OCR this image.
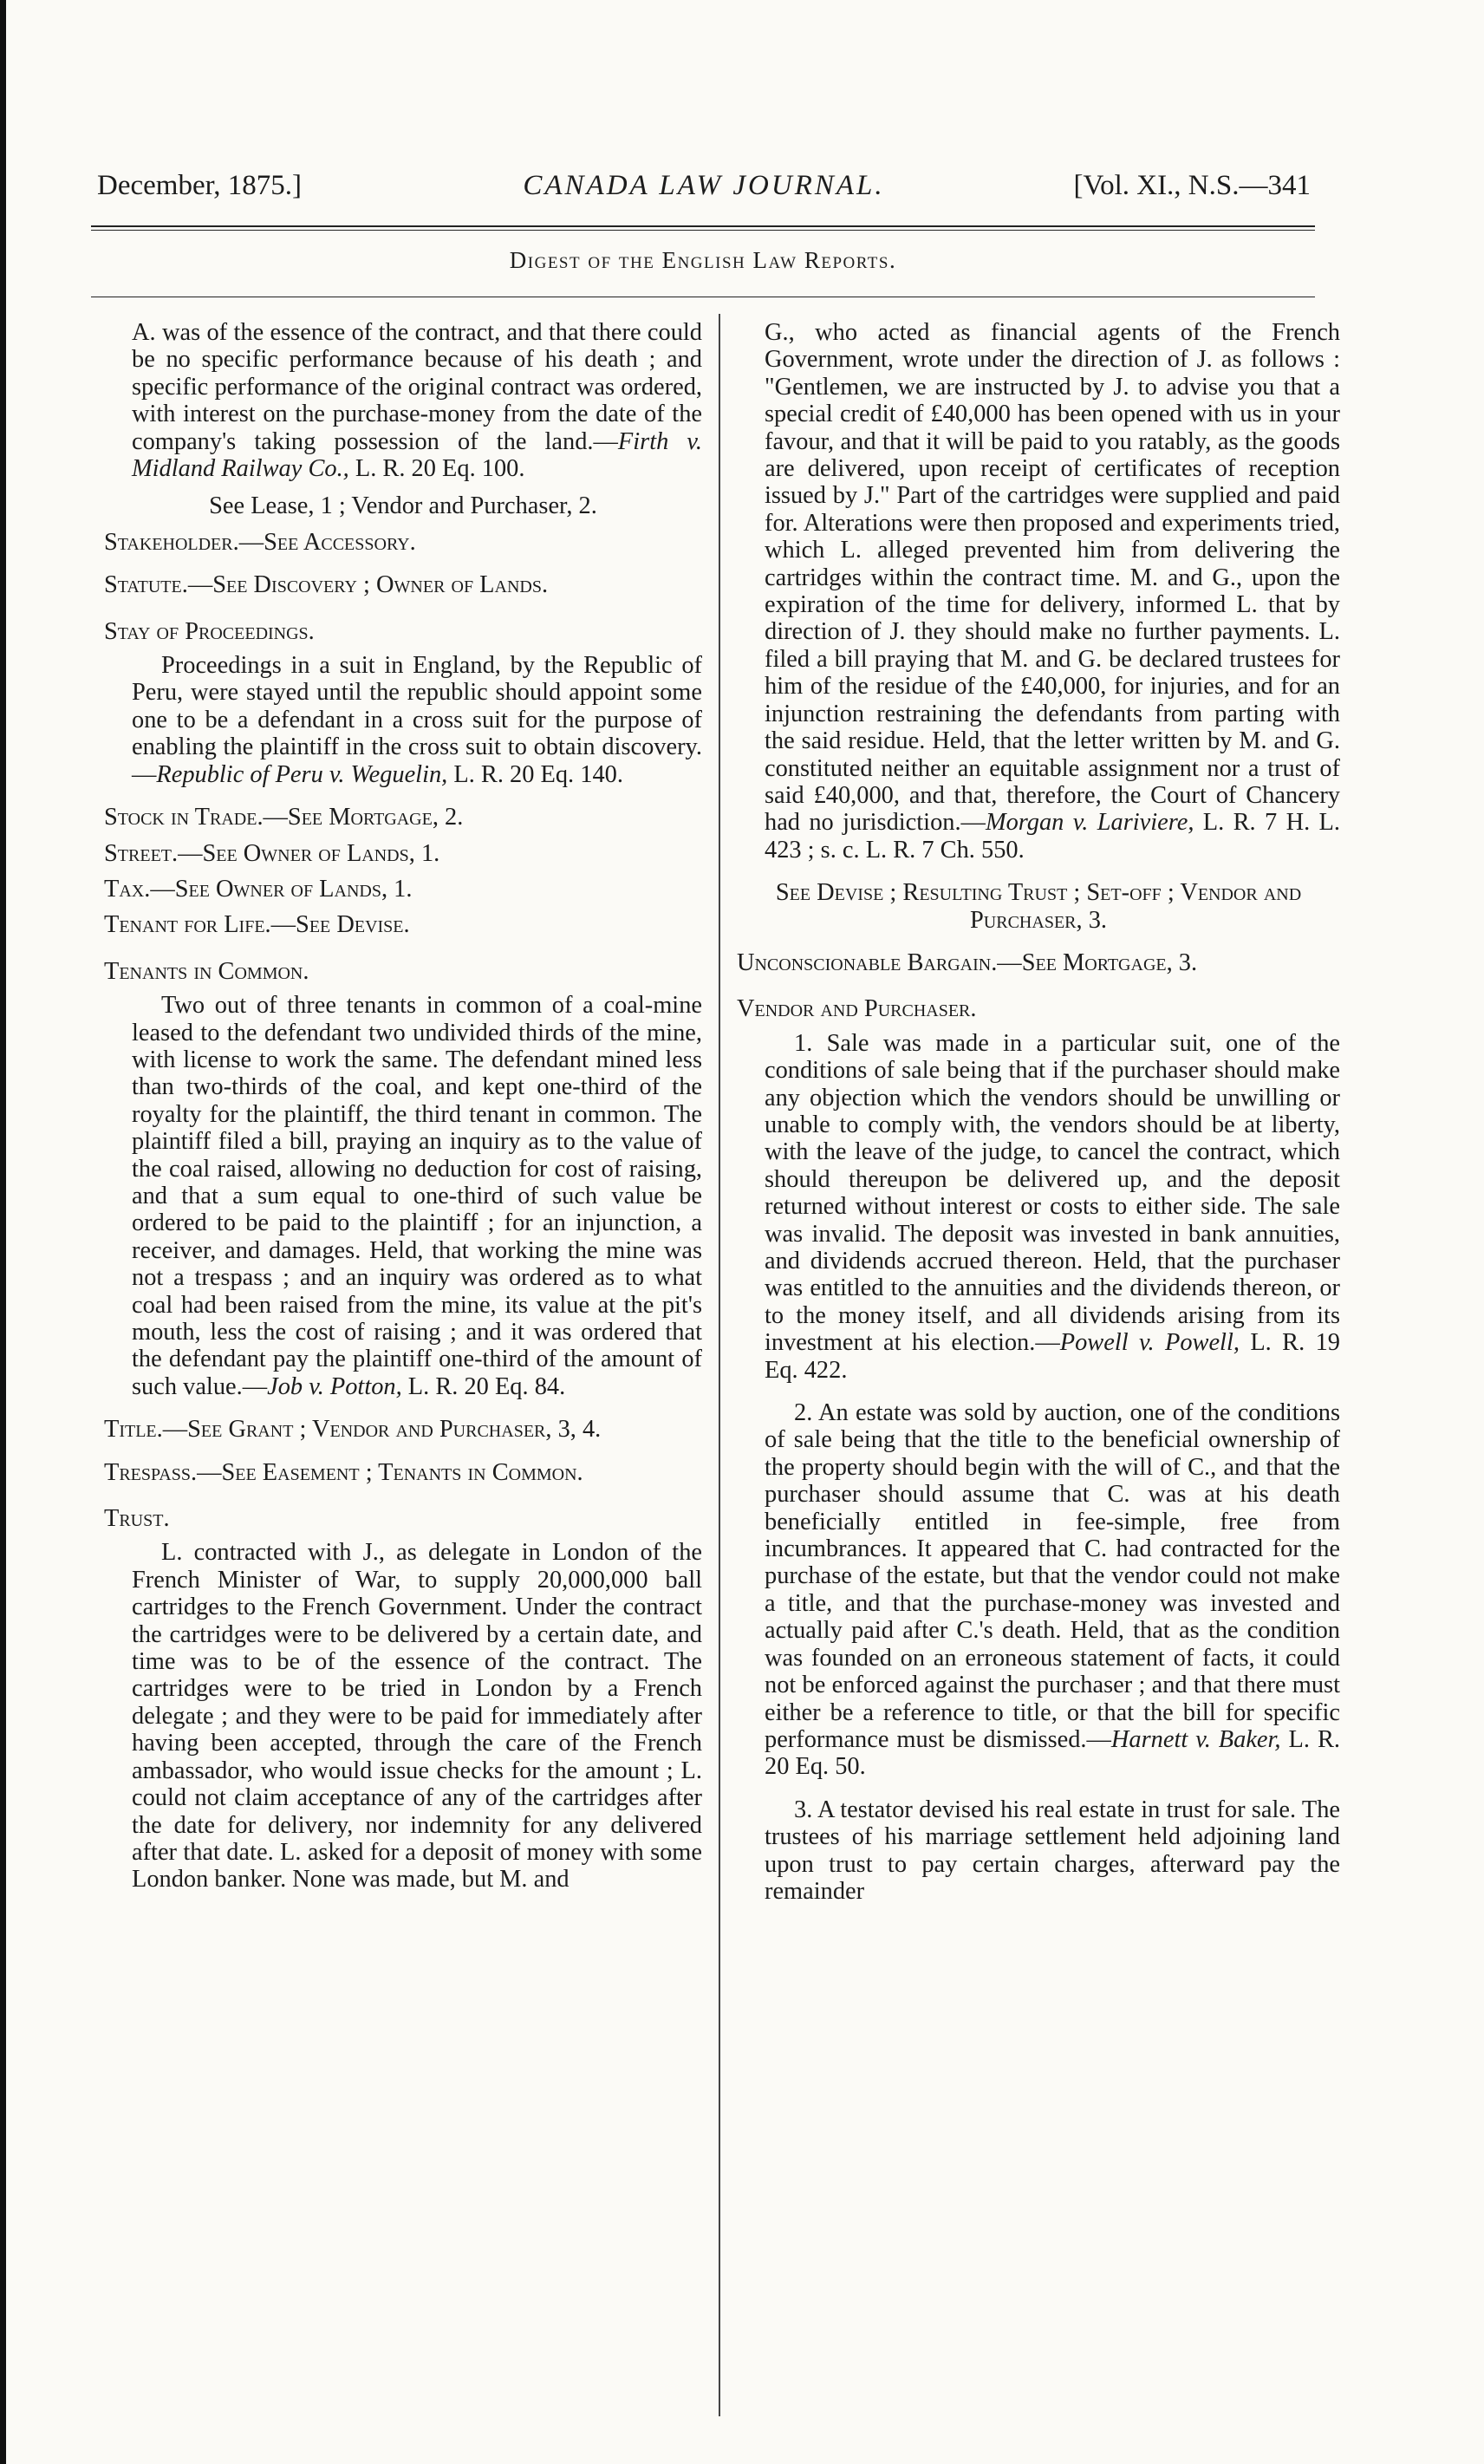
December, 1875.]	CANADA LAW JOURNAL.	[Vol. XI., N.S.—341
Digest of the English Law Reports.

A. was of the essence of the contract, and that there could be no specific performance because of his death ; and specific performance of the original contract was ordered, with interest on the purchase-money from the date of the company's taking possession of the land.—Firth v. Midland Railway Co., L. R. 20 Eq. 100.

See Lease, 1 ; Vendor and Purchaser, 2.

Stakeholder.—See Accessory.

Statute.—See Discovery ; Owner of Lands.

Stay of Proceedings.

Proceedings in a suit in England, by the Republic of Peru, were stayed until the republic should appoint some one to be a defendant in a cross suit for the purpose of enabling the plaintiff in the cross suit to obtain discovery.—Republic of Peru v. Weguelin, L. R. 20 Eq. 140.

Stock in Trade.—See Mortgage, 2.

Street.—See Owner of Lands, 1.

Tax.—See Owner of Lands, 1.

Tenant for Life.—See Devise.

Tenants in Common.

Two out of three tenants in common of a coal-mine leased to the defendant two undivided thirds of the mine, with license to work the same. The defendant mined less than two-thirds of the coal, and kept one-third of the royalty for the plaintiff, the third tenant in common. The plaintiff filed a bill, praying an inquiry as to the value of the coal raised, allowing no deduction for cost of raising, and that a sum equal to one-third of such value be ordered to be paid to the plaintiff ; for an injunction, a receiver, and damages. Held, that working the mine was not a trespass ; and an inquiry was ordered as to what coal had been raised from the mine, its value at the pit's mouth, less the cost of raising ; and it was ordered that the defendant pay the plaintiff one-third of the amount of such value.—Job v. Potton, L. R. 20 Eq. 84.

Title.—See Grant ; Vendor and Purchaser, 3, 4.

Trespass.—See Easement ; Tenants in Common.

Trust.

L. contracted with J., as delegate in London of the French Minister of War, to supply 20,000,000 ball cartridges to the French Government. Under the contract the cartridges were to be delivered by a certain date, and time was to be of the essence of the contract. The cartridges were to be tried in London by a French delegate ; and they were to be paid for immediately after having been accepted, through the care of the French ambassador, who would issue checks for the amount ; L. could not claim acceptance of any of the cartridges after the date for delivery, nor indemnity for any delivered after that date. L. asked for a deposit of money with some London banker. None was made, but M. and

G., who acted as financial agents of the French Government, wrote under the direction of J. as follows : "Gentlemen, we are instructed by J. to advise you that a special credit of £40,000 has been opened with us in your favour, and that it will be paid to you ratably, as the goods are delivered, upon receipt of certificates of reception issued by J." Part of the cartridges were supplied and paid for. Alterations were then proposed and experiments tried, which L. alleged prevented him from delivering the cartridges within the contract time. M. and G., upon the expiration of the time for delivery, informed L. that by direction of J. they should make no further payments. L. filed a bill praying that M. and G. be declared trustees for him of the residue of the £40,000, for injuries, and for an injunction restraining the defendants from parting with the said residue. Held, that the letter written by M. and G. constituted neither an equitable assignment nor a trust of said £40,000, and that, therefore, the Court of Chancery had no jurisdiction.—Morgan v. Lariviere, L. R. 7 H. L. 423 ; s. c. L. R. 7 Ch. 550.

See Devise ; Resulting Trust ; Set-off ; Vendor and Purchaser, 3.

Unconscionable Bargain.—See Mortgage, 3.

Vendor and Purchaser.

1. Sale was made in a particular suit, one of the conditions of sale being that if the purchaser should make any objection which the vendors should be unwilling or unable to comply with, the vendors should be at liberty, with the leave of the judge, to cancel the contract, which should thereupon be delivered up, and the deposit returned without interest or costs to either side. The sale was invalid. The deposit was invested in bank annuities, and dividends accrued thereon. Held, that the purchaser was entitled to the annuities and the dividends thereon, or to the money itself, and all dividends arising from its investment at his election.—Powell v. Powell, L. R. 19 Eq. 422.

2. An estate was sold by auction, one of the conditions of sale being that the title to the beneficial ownership of the property should begin with the will of C., and that the purchaser should assume that C. was at his death beneficially entitled in fee-simple, free from incumbrances. It appeared that C. had contracted for the purchase of the estate, but that the vendor could not make a title, and that the purchase-money was invested and actually paid after C.'s death. Held, that as the condition was founded on an erroneous statement of facts, it could not be enforced against the purchaser ; and that there must either be a reference to title, or that the bill for specific performance must be dismissed.—Harnett v. Baker, L. R. 20 Eq. 50.

3. A testator devised his real estate in trust for sale. The trustees of his marriage settlement held adjoining land upon trust to pay certain charges, afterward pay the remainder
